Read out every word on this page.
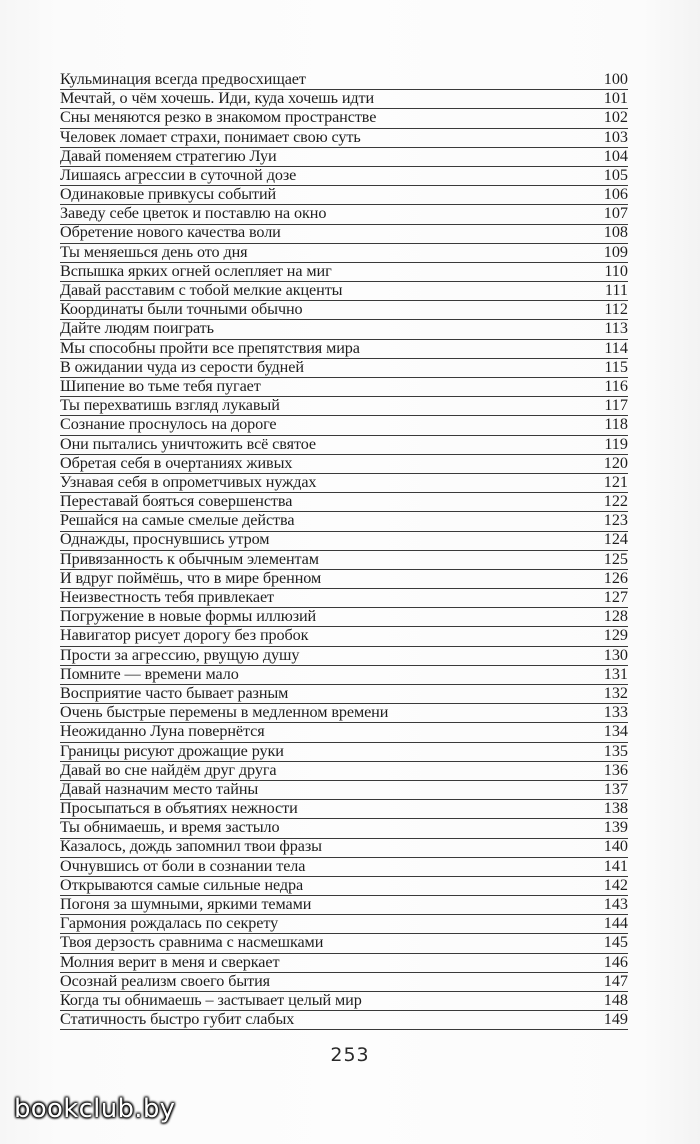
Кульминация всегда предвосхищает	100
Мечтай, о чём хочешь. Иди, куда хочешь идти	101
Сны меняются резко в знакомом пространстве	102
Человек ломает страхи, понимает свою суть	103
Давай поменяем стратегию Луи	104
Лишаясь агрессии в суточной дозе	105
Одинаковые привкусы событий	106
Заведу себе цветок и поставлю на окно	107
Обретение нового качества воли	108
Ты меняешься день ото дня	109
Вспышка ярких огней ослепляет на миг	110
Давай расставим с тобой мелкие акценты	111
Координаты были точными обычно	112
Дайте людям поиграть	113
Мы способны пройти все препятствия мира	114
В ожидании чуда из серости будней	115
Шипение во тьме тебя пугает	116
Ты перехватишь взгляд лукавый	117
Сознание проснулось на дороге	118
Они пытались уничтожить всё святое	119
Обретая себя в очертаниях живых	120
Узнавая себя в опрометчивых нуждах	121
Переставай бояться совершенства	122
Решайся на самые смелые действа	123
Однажды, проснувшись утром	124
Привязанность к обычным элементам	125
И вдруг поймёшь, что в мире бренном	126
Неизвестность тебя привлекает	127
Погружение в новые формы иллюзий	128
Навигатор рисует дорогу без пробок	129
Прости за агрессию, рвущую душу	130
Помните — времени мало	131
Восприятие часто бывает разным	132
Очень быстрые перемены в медленном времени	133
Неожиданно Луна повернётся	134
Границы рисуют дрожащие руки	135
Давай во сне найдём друг друга	136
Давай назначим место тайны	137
Просыпаться в объятиях нежности	138
Ты обнимаешь, и время застыло	139
Казалось, дождь запомнил твои фразы	140
Очнувшись от боли в сознании тела	141
Открываются самые сильные недра	142
Погоня за шумными, яркими темами	143
Гармония рождалась по секрету	144
Твоя дерзость сравнима с насмешками	145
Молния верит в меня и сверкает	146
Осознай реализм своего бытия	147
Когда ты обнимаешь – застывает целый мир	148
Статичность быстро губит слабых	149
253
bookclub.by
